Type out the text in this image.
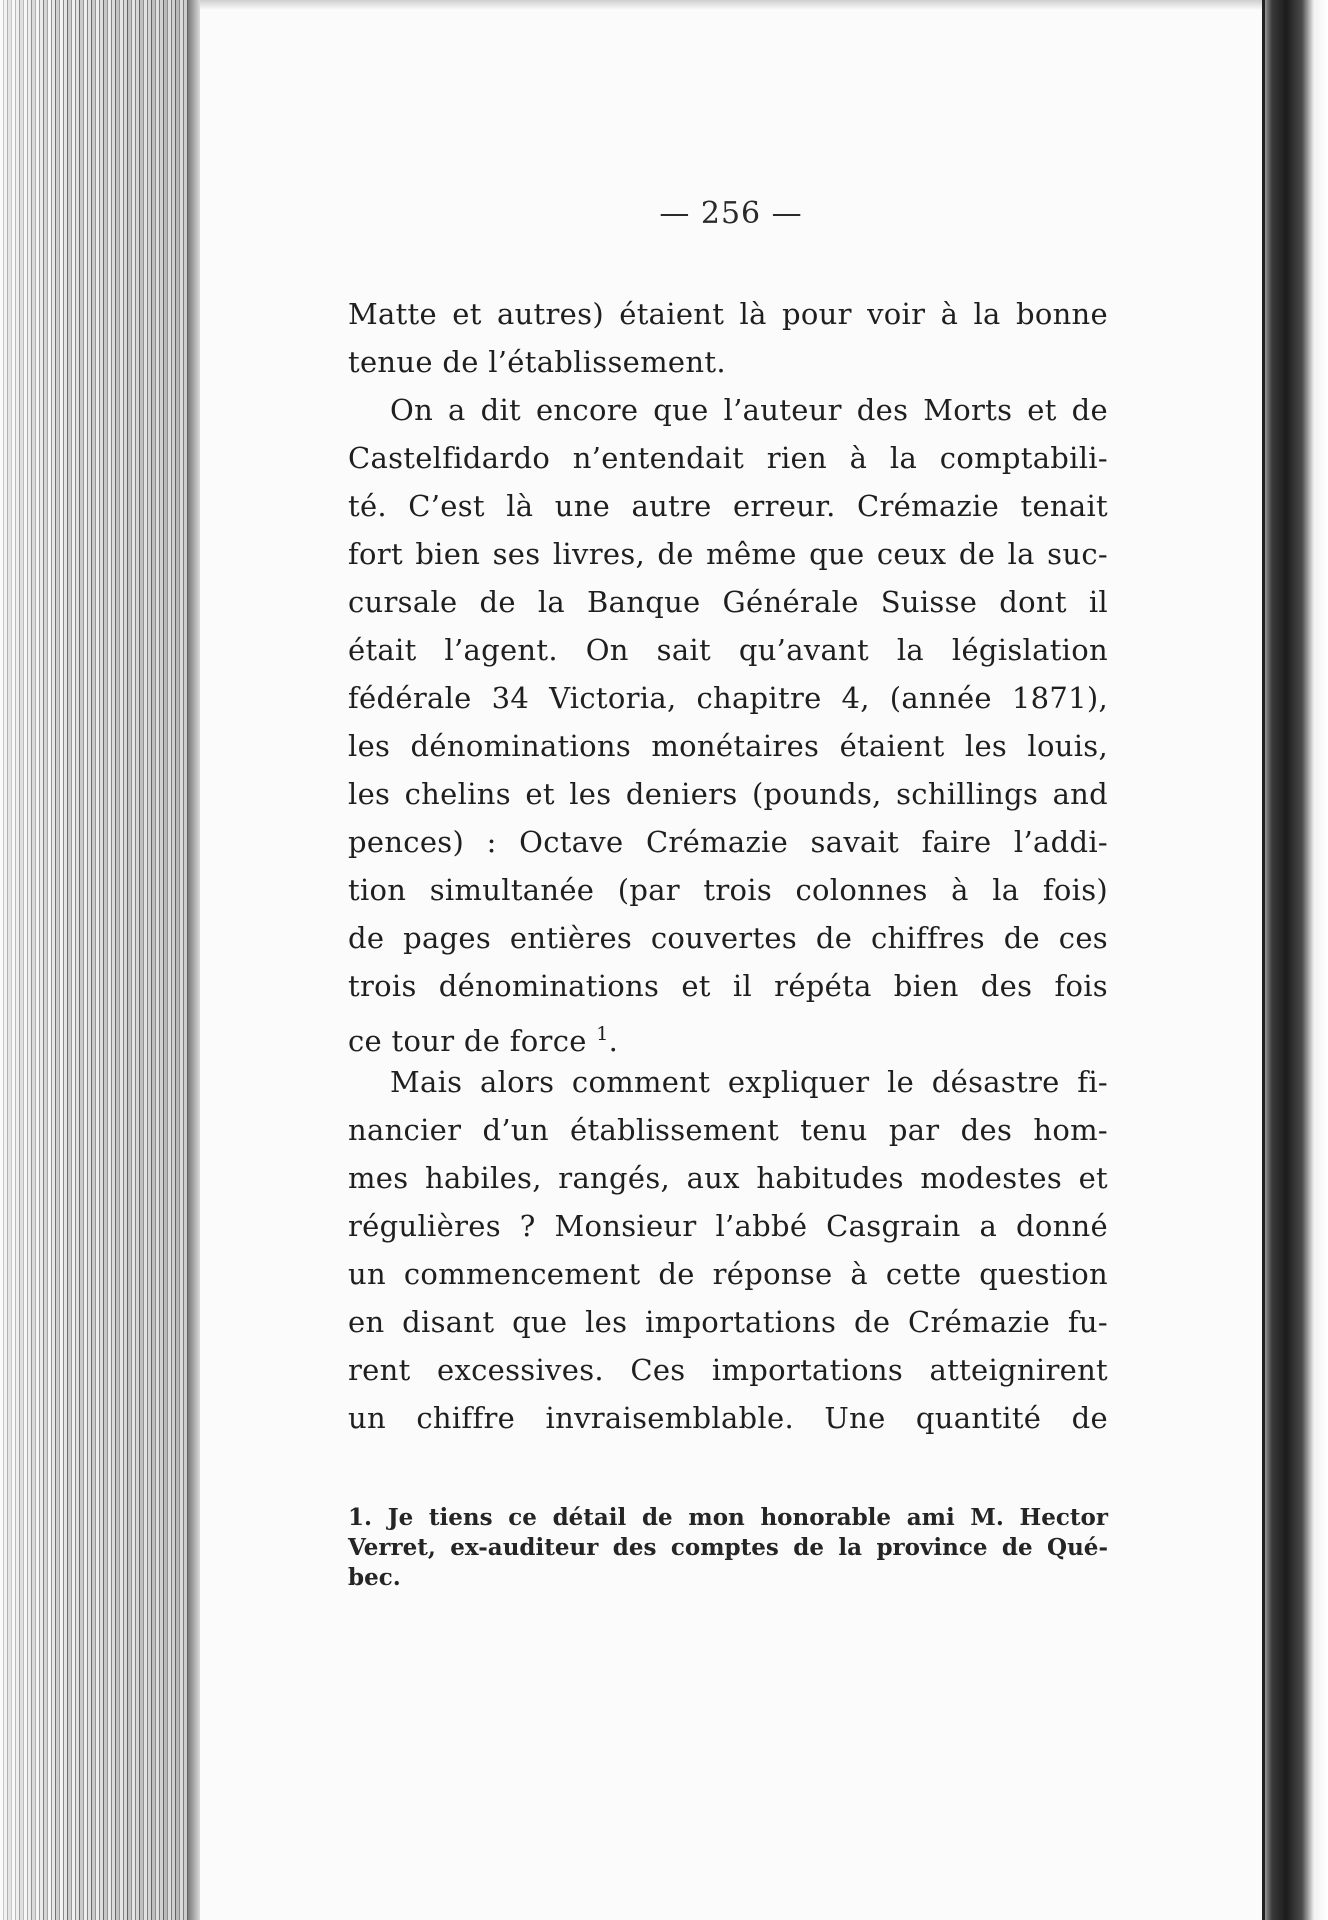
— 256 —
Matte et autres) étaient là pour voir à la bonne
tenue de l’établissement.
On a dit encore que l’auteur des Morts et de
Castelfidardo n’entendait rien à la comptabili-
té. C’est là une autre erreur. Crémazie tenait
fort bien ses livres, de même que ceux de la suc-
cursale de la Banque Générale Suisse dont il
était l’agent. On sait qu’avant la législation
fédérale 34 Victoria, chapitre 4, (année 1871),
les dénominations monétaires étaient les louis,
les chelins et les deniers (pounds, schillings and
pences) : Octave Crémazie savait faire l’addi-
tion simultanée (par trois colonnes à la fois)
de pages entières couvertes de chiffres de ces
trois dénominations et il répéta bien des fois
ce tour de force $^1$.
Mais alors comment expliquer le désastre fi-
nancier d’un établissement tenu par des hom-
mes habiles, rangés, aux habitudes modestes et
régulières ? Monsieur l’abbé Casgrain a donné
un commencement de réponse à cette question
en disant que les importations de Crémazie fu-
rent excessives. Ces importations atteignirent
un chiffre invraisemblable. Une quantité de
1. Je tiens ce détail de mon honorable ami M. Hector
Verret, ex-auditeur des comptes de la province de Qué-
bec.
